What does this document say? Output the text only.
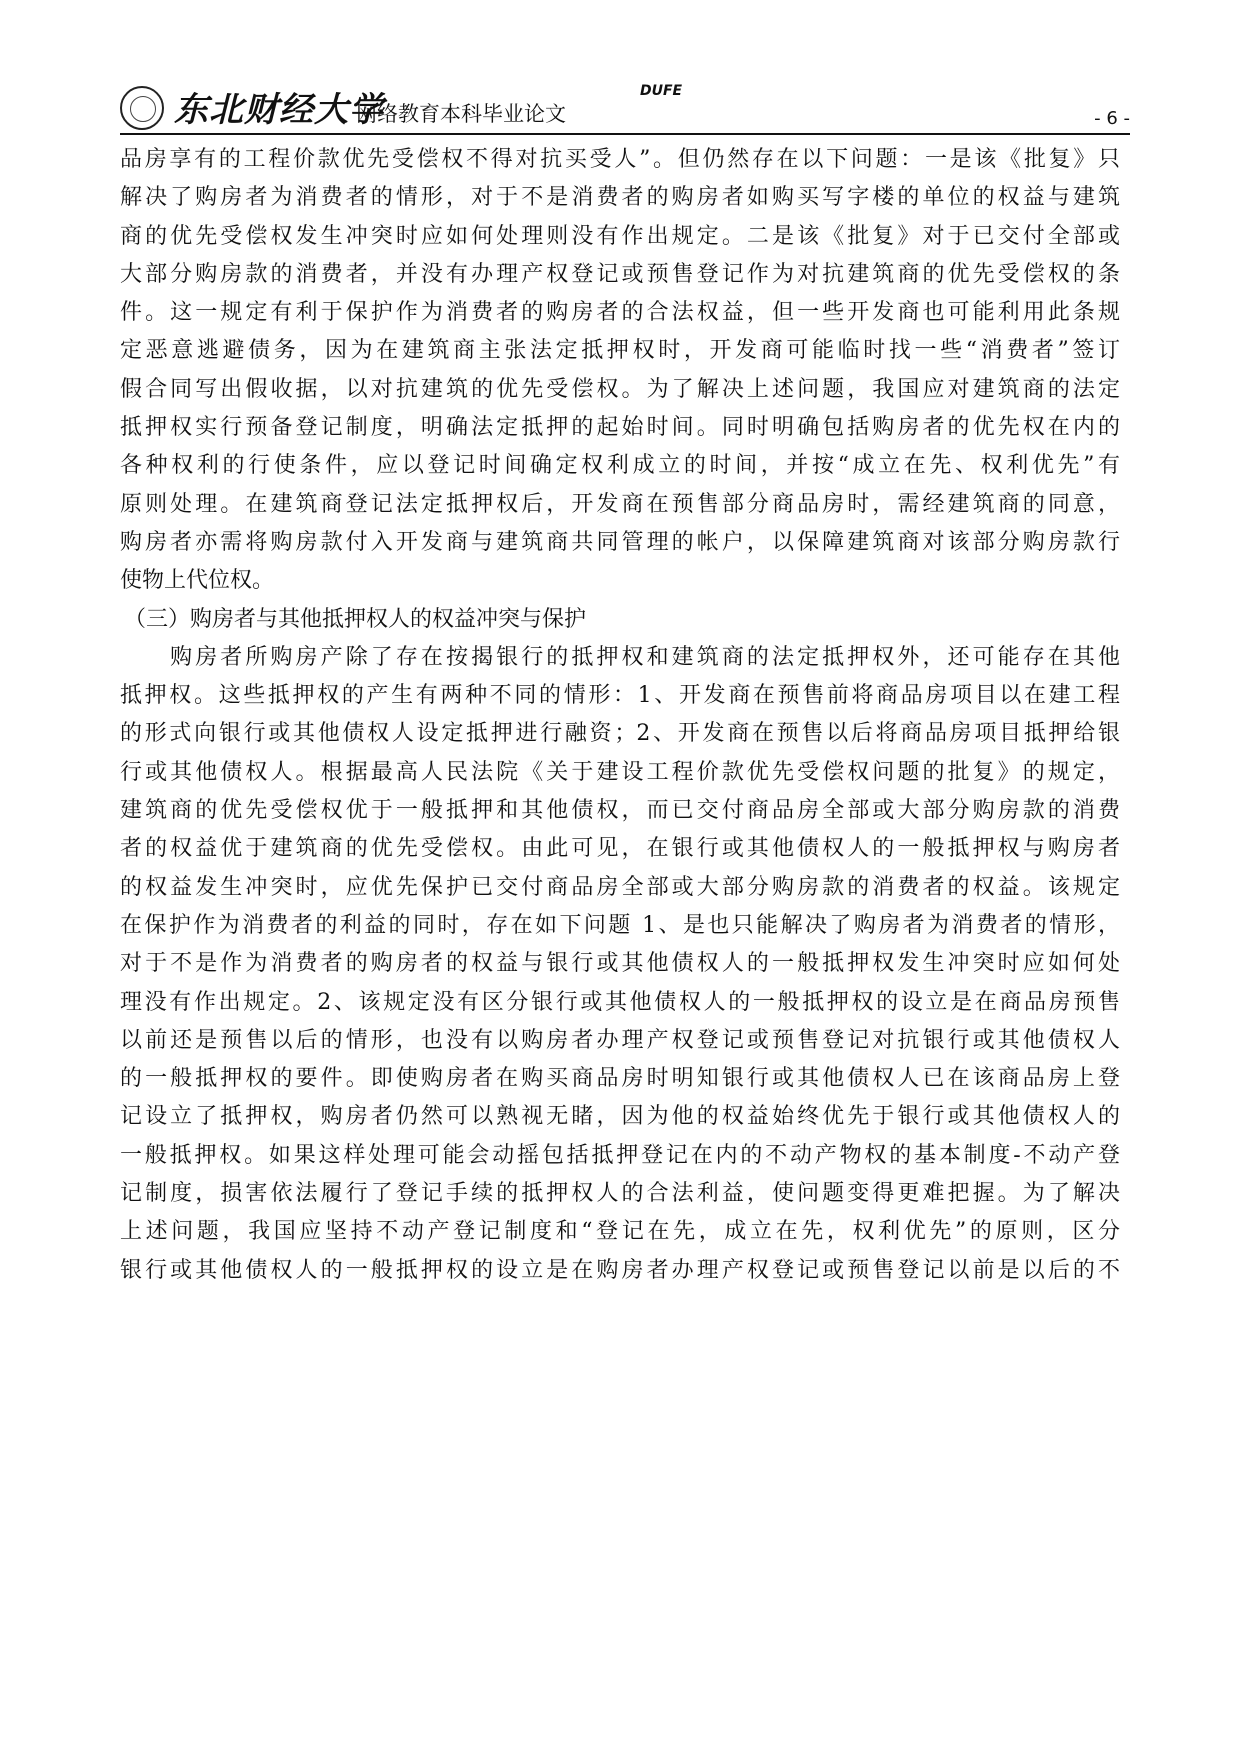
东北财经大学
网络教育本科毕业论文
DUFE
- 6 -
品房享有的工程价款优先受偿权不得对抗买受人”。但仍然存在以下问题：一是该《批复》只
解决了购房者为消费者的情形，对于不是消费者的购房者如购买写字楼的单位的权益与建筑
商的优先受偿权发生冲突时应如何处理则没有作出规定。二是该《批复》对于已交付全部或
大部分购房款的消费者，并没有办理产权登记或预售登记作为对抗建筑商的优先受偿权的条
件。这一规定有利于保护作为消费者的购房者的合法权益，但一些开发商也可能利用此条规
定恶意逃避债务，因为在建筑商主张法定抵押权时，开发商可能临时找一些“消费者”签订
假合同写出假收据，以对抗建筑的优先受偿权。为了解决上述问题，我国应对建筑商的法定
抵押权实行预备登记制度，明确法定抵押的起始时间。同时明确包括购房者的优先权在内的
各种权利的行使条件，应以登记时间确定权利成立的时间，并按“成立在先、权利优先”有
原则处理。在建筑商登记法定抵押权后，开发商在预售部分商品房时，需经建筑商的同意，
购房者亦需将购房款付入开发商与建筑商共同管理的帐户，以保障建筑商对该部分购房款行
使物上代位权。
（三）购房者与其他抵押权人的权益冲突与保护
　　购房者所购房产除了存在按揭银行的抵押权和建筑商的法定抵押权外，还可能存在其他
抵押权。这些抵押权的产生有两种不同的情形：1、开发商在预售前将商品房项目以在建工程
的形式向银行或其他债权人设定抵押进行融资；2、开发商在预售以后将商品房项目抵押给银
行或其他债权人。根据最高人民法院《关于建设工程价款优先受偿权问题的批复》的规定，
建筑商的优先受偿权优于一般抵押和其他债权，而已交付商品房全部或大部分购房款的消费
者的权益优于建筑商的优先受偿权。由此可见，在银行或其他债权人的一般抵押权与购房者
的权益发生冲突时，应优先保护已交付商品房全部或大部分购房款的消费者的权益。该规定
在保护作为消费者的利益的同时，存在如下问题 1、是也只能解决了购房者为消费者的情形，
对于不是作为消费者的购房者的权益与银行或其他债权人的一般抵押权发生冲突时应如何处
理没有作出规定。2、该规定没有区分银行或其他债权人的一般抵押权的设立是在商品房预售
以前还是预售以后的情形，也没有以购房者办理产权登记或预售登记对抗银行或其他债权人
的一般抵押权的要件。即使购房者在购买商品房时明知银行或其他债权人已在该商品房上登
记设立了抵押权，购房者仍然可以熟视无睹，因为他的权益始终优先于银行或其他债权人的
一般抵押权。如果这样处理可能会动摇包括抵押登记在内的不动产物权的基本制度-不动产登
记制度，损害依法履行了登记手续的抵押权人的合法利益，使问题变得更难把握。为了解决
上述问题，我国应坚持不动产登记制度和“登记在先，成立在先，权利优先”的原则，区分
银行或其他债权人的一般抵押权的设立是在购房者办理产权登记或预售登记以前是以后的不
